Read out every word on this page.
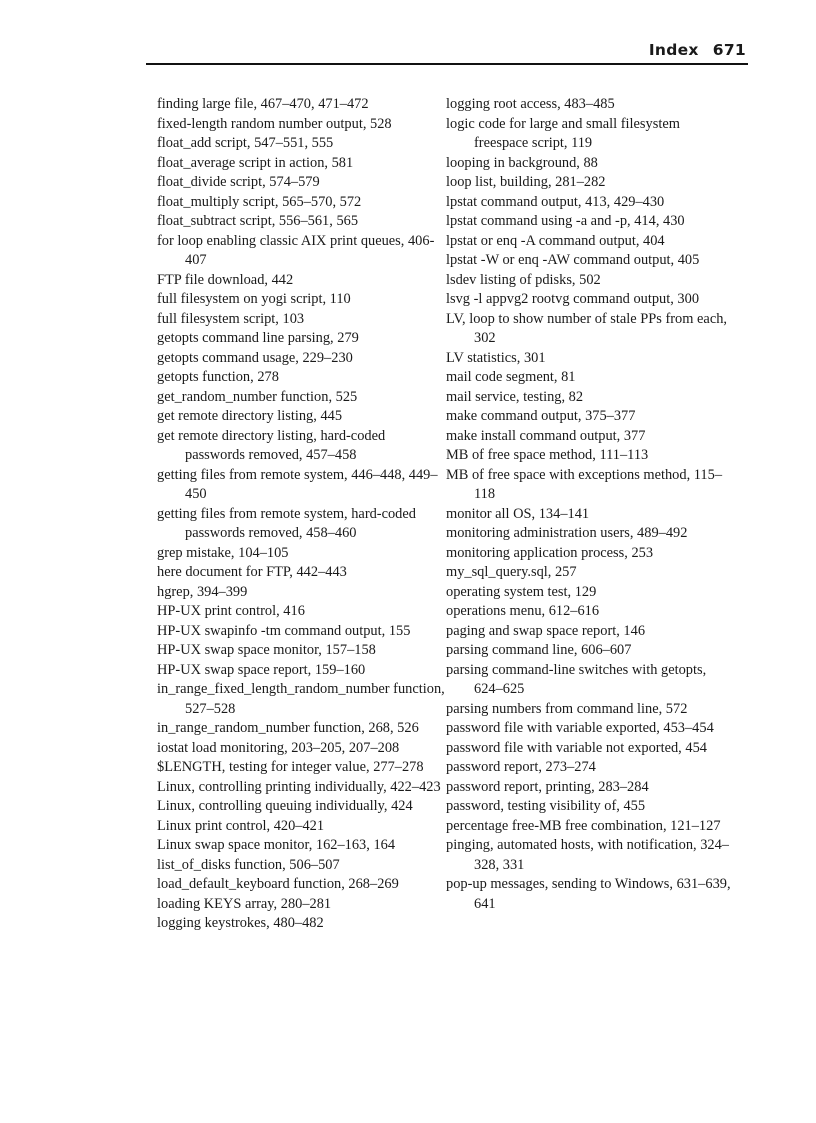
Index 671

finding large file, 467–470, 471–472

fixed-length random number output, 528

float_add script, 547–551, 555

float_average script in action, 581

float_divide script, 574–579

float_multiply script, 565–570, 572

float_subtract script, 556–561, 565

for loop enabling classic AIX print queues, 406-407

FTP file download, 442

full filesystem on yogi script, 110

full filesystem script, 103

getopts command line parsing, 279

getopts command usage, 229–230

getopts function, 278

get_random_number function, 525

get remote directory listing, 445

get remote directory listing, hard-coded passwords removed, 457–458

getting files from remote system, 446–448, 449–450

getting files from remote system, hard-coded passwords removed, 458–460

grep mistake, 104–105

here document for FTP, 442–443

hgrep, 394–399

HP-UX print control, 416

HP-UX swapinfo -tm command output, 155

HP-UX swap space monitor, 157–158

HP-UX swap space report, 159–160

in_range_fixed_length_random_number function, 527–528

in_range_random_number function, 268, 526

iostat load monitoring, 203–205, 207–208

$LENGTH, testing for integer value, 277–278

Linux, controlling printing individually, 422–423

Linux, controlling queuing individually, 424

Linux print control, 420–421

Linux swap space monitor, 162–163, 164

list_of_disks function, 506–507

load_default_keyboard function, 268–269

loading KEYS array, 280–281

logging keystrokes, 480–482

logging root access, 483–485

logic code for large and small filesystem freespace script, 119

looping in background, 88

loop list, building, 281–282

lpstat command output, 413, 429–430

lpstat command using -a and -p, 414, 430

lpstat or enq -A command output, 404

lpstat -W or enq -AW command output, 405

lsdev listing of pdisks, 502

lsvg -l appvg2 rootvg command output, 300

LV, loop to show number of stale PPs from each, 302

LV statistics, 301

mail code segment, 81

mail service, testing, 82

make command output, 375–377

make install command output, 377

MB of free space method, 111–113

MB of free space with exceptions method, 115–118

monitor all OS, 134–141

monitoring administration users, 489–492

monitoring application process, 253

my_sql_query.sql, 257

operating system test, 129

operations menu, 612–616

paging and swap space report, 146

parsing command line, 606–607

parsing command-line switches with getopts, 624–625

parsing numbers from command line, 572

password file with variable exported, 453–454

password file with variable not exported, 454

password report, 273–274

password report, printing, 283–284

password, testing visibility of, 455

percentage free-MB free combination, 121–127

pinging, automated hosts, with notification, 324–328, 331

pop-up messages, sending to Windows, 631–639, 641
